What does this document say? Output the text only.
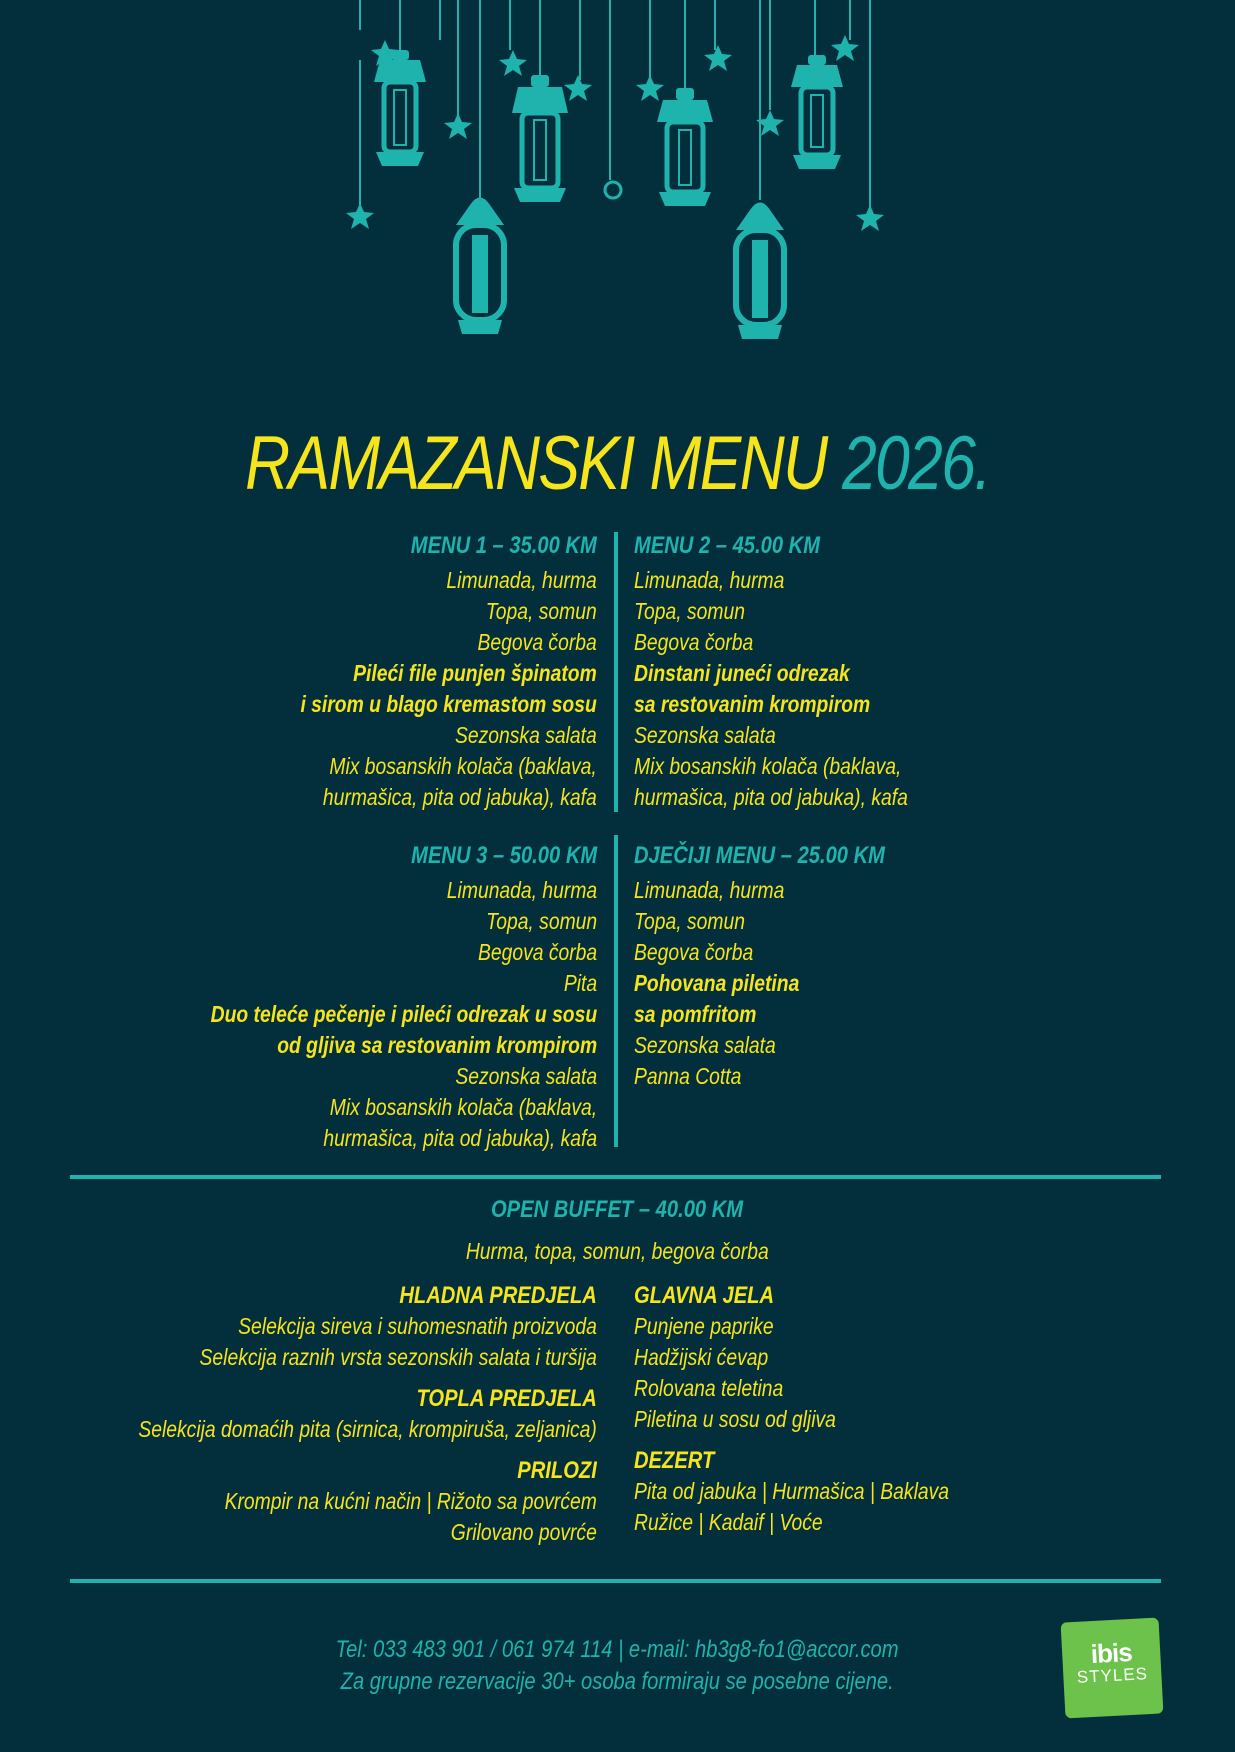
RAMAZANSKI MENU 2026.
MENU 1 – 35.00 KM
Limunada, hurma
Topa, somun
Begova čorba
Pileći file punjen špinatom
i sirom u blago kremastom sosu
Sezonska salata
Mix bosanskih kolača (baklava,
hurmašica, pita od jabuka), kafa
MENU 2 – 45.00 KM
Limunada, hurma
Topa, somun
Begova čorba
Dinstani juneći odrezak
sa restovanim krompirom
Sezonska salata
Mix bosanskih kolača (baklava,
hurmašica, pita od jabuka), kafa
MENU 3 – 50.00 KM
Limunada, hurma
Topa, somun
Begova čorba
Pita
Duo teleće pečenje i pileći odrezak u sosu
od gljiva sa restovanim krompirom
Sezonska salata
Mix bosanskih kolača (baklava,
hurmašica, pita od jabuka), kafa
DJEČIJI MENU – 25.00 KM
Limunada, hurma
Topa, somun
Begova čorba
Pohovana piletina
sa pomfritom
Sezonska salata
Panna Cotta
OPEN BUFFET – 40.00 KM
Hurma, topa, somun, begova čorba
HLADNA PREDJELA
Selekcija sireva i suhomesnatih proizvoda
Selekcija raznih vrsta sezonskih salata i turšija
TOPLA PREDJELA
Selekcija domaćih pita (sirnica, krompiruša, zeljanica)
PRILOZI
Krompir na kućni način | Rižoto sa povrćem
Grilovano povrće
GLAVNA JELA
Punjene paprike
Hadžijski ćevap
Rolovana teletina
Piletina u sosu od gljiva
DEZERT
Pita od jabuka | Hurmašica | Baklava
Ružice | Kadaif | Voće
Tel: 033 483 901 / 061 974 114 | e-mail: hb3g8-fo1@accor.com
Za grupne rezervacije 30+ osoba formiraju se posebne cijene.
ibis
STYLES
